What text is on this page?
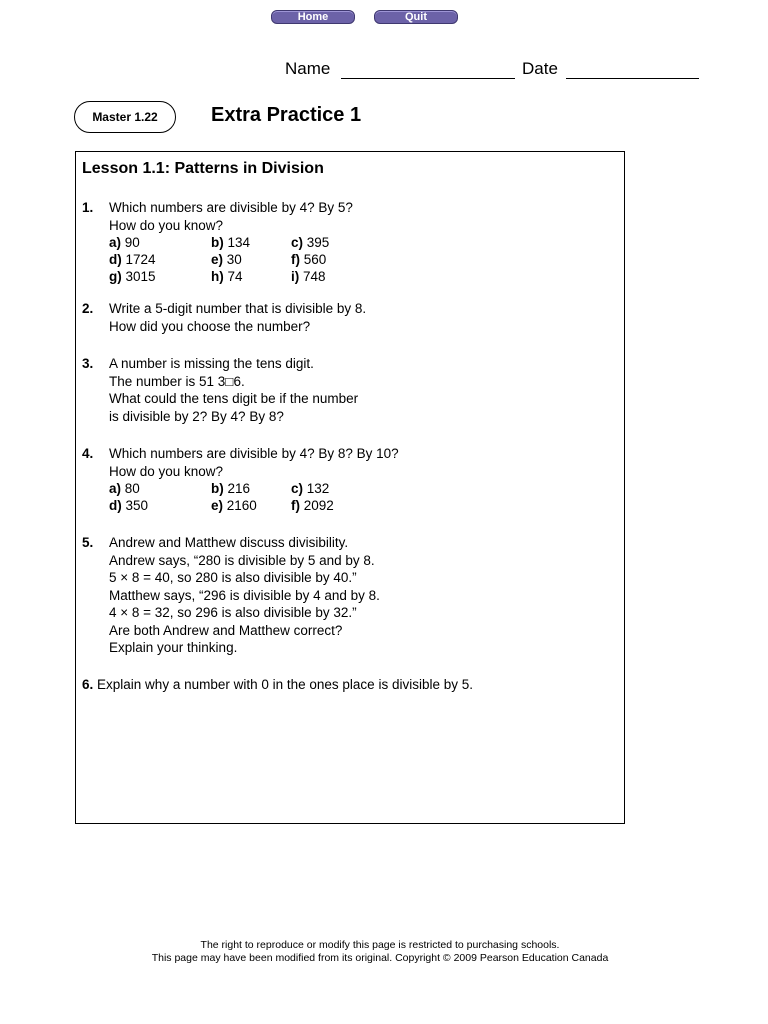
Home	Quit
Name	Date
Master 1.22	Extra Practice 1
Lesson 1.1: Patterns in Division
1. Which numbers are divisible by 4? By 5?
How do you know?
a) 90	b) 134	c) 395
d) 1724	e) 30	f) 560
g) 3015	h) 74	i) 748
2. Write a 5-digit number that is divisible by 8.
How did you choose the number?
3. A number is missing the tens digit.
The number is 51 3□6.
What could the tens digit be if the number
is divisible by 2? By 4? By 8?
4. Which numbers are divisible by 4? By 8? By 10?
How do you know?
a) 80	b) 216	c) 132
d) 350	e) 2160	f) 2092
5. Andrew and Matthew discuss divisibility.
Andrew says, “280 is divisible by 5 and by 8.
5 × 8 = 40, so 280 is also divisible by 40.”
Matthew says, “296 is divisible by 4 and by 8.
4 × 8 = 32, so 296 is also divisible by 32.”
Are both Andrew and Matthew correct?
Explain your thinking.
6. Explain why a number with 0 in the ones place is divisible by 5.
The right to reproduce or modify this page is restricted to purchasing schools.
This page may have been modified from its original. Copyright © 2009 Pearson Education Canada
